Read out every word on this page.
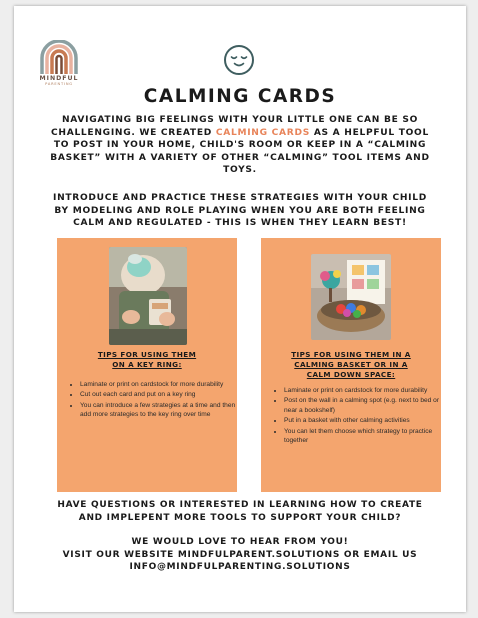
MINDFUL
PARENTING
CALMING CARDS
NAVIGATING BIG FEELINGS WITH YOUR LITTLE ONE CAN BE SO CHALLENGING. WE CREATED CALMING CARDS AS A HELPFUL TOOL TO POST IN YOUR HOME, CHILD'S ROOM OR KEEP IN A “CALMING BASKET” WITH A VARIETY OF OTHER “CALMING” TOOL ITEMS AND TOYS.
INTRODUCE AND PRACTICE THESE STRATEGIES WITH YOUR CHILD BY MODELING AND ROLE PLAYING WHEN YOU ARE BOTH FEELING CALM AND REGULATED - THIS IS WHEN THEY LEARN BEST!
TIPS FOR USING THEM
ON A KEY RING:
• Laminate or print on cardstock for more durability
• Cut out each card and put on a key ring
• You can introduce a few strategies at a time and then add more strategies to the key ring over time
TIPS FOR USING THEM IN A
CALMING BASKET OR IN A
CALM DOWN SPACE:
• Laminate or print on cardstock for more durability
• Post on the wall in a calming spot (e.g. next to bed or near a bookshelf)
• Put in a basket with other calming activities
• You can let them choose which strategy to practice together
HAVE QUESTIONS OR INTERESTED IN LEARNING HOW TO CREATE AND IMPLEPENT MORE TOOLS TO SUPPORT YOUR CHILD?
WE WOULD LOVE TO HEAR FROM YOU!
VISIT OUR WEBSITE MINDFULPARENT.SOLUTIONS OR EMAIL US
INFO@MINDFULPARENTING.SOLUTIONS
